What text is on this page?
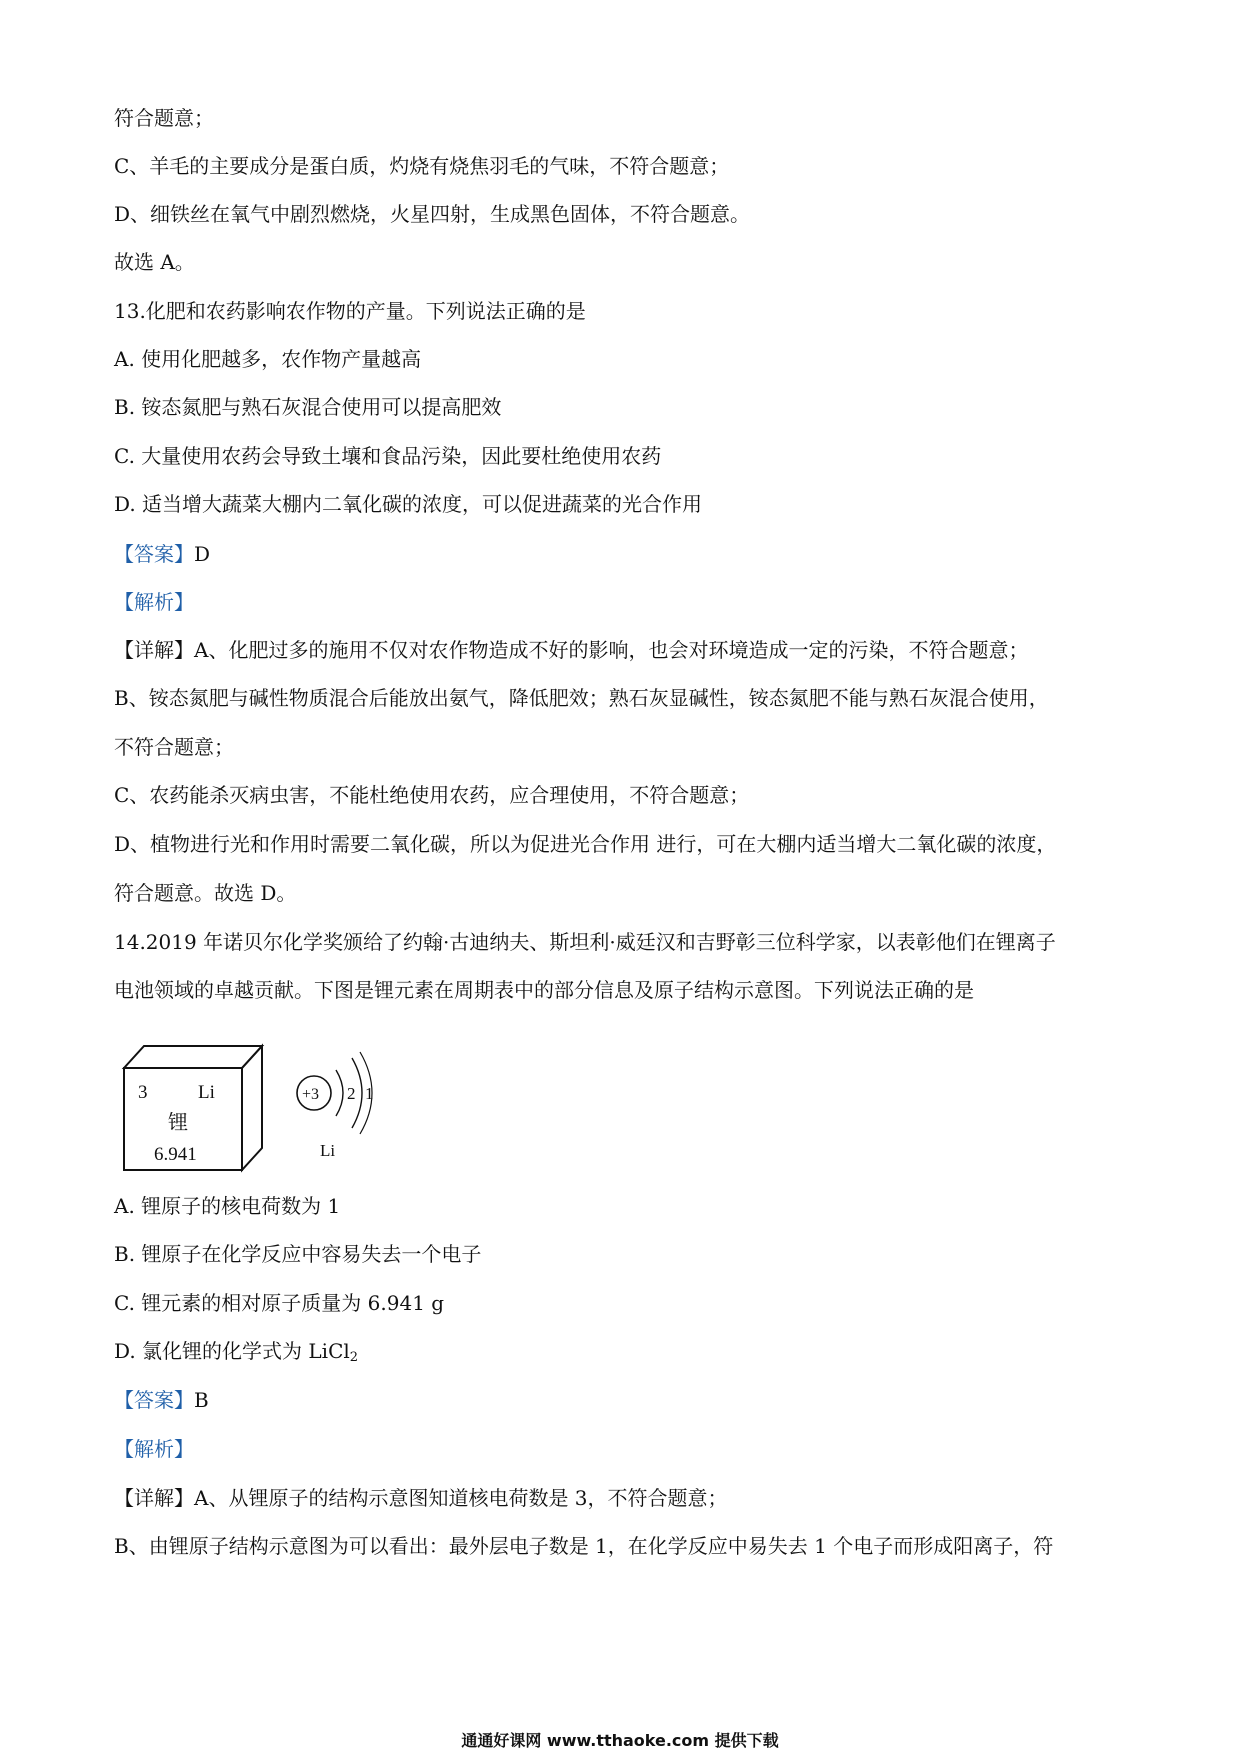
符合题意；
C、羊毛的主要成分是蛋白质，灼烧有烧焦羽毛的气味，不符合题意；
D、细铁丝在氧气中剧烈燃烧，火星四射，生成黑色固体，不符合题意。
故选 A。
13.化肥和农药影响农作物的产量。下列说法正确的是
A. 使用化肥越多，农作物产量越高
B. 铵态氮肥与熟石灰混合使用可以提高肥效
C. 大量使用农药会导致土壤和食品污染，因此要杜绝使用农药
D. 适当增大蔬菜大棚内二氧化碳的浓度，可以促进蔬菜的光合作用
【答案】D
【解析】
【详解】A、化肥过多的施用不仅对农作物造成不好的影响，也会对环境造成一定的污染，不符合题意；
B、铵态氮肥与碱性物质混合后能放出氨气，降低肥效；熟石灰显碱性，铵态氮肥不能与熟石灰混合使用，
不符合题意；
C、农药能杀灭病虫害，不能杜绝使用农药，应合理使用，不符合题意；
D、植物进行光和作用时需要二氧化碳，所以为促进光合作用 进行，可在大棚内适当增大二氧化碳的浓度，
符合题意。故选 D。
14.2019 年诺贝尔化学奖颁给了约翰·古迪纳夫、斯坦利·威廷汉和吉野彰三位科学家，以表彰他们在锂离子
电池领域的卓越贡献。下图是锂元素在周期表中的部分信息及原子结构示意图。下列说法正确的是
3	Li
锂
6.941
+3 2 1
Li
A. 锂原子的核电荷数为 1
B. 锂原子在化学反应中容易失去一个电子
C. 锂元素的相对原子质量为 6.941 g
D. 氯化锂的化学式为 LiCl$_2$
【答案】B
【解析】
【详解】A、从锂原子的结构示意图知道核电荷数是 3，不符合题意；
B、由锂原子结构示意图为可以看出：最外层电子数是 1，在化学反应中易失去 1 个电子而形成阳离子，符
通通好课网 www.tthaoke.com 提供下载
